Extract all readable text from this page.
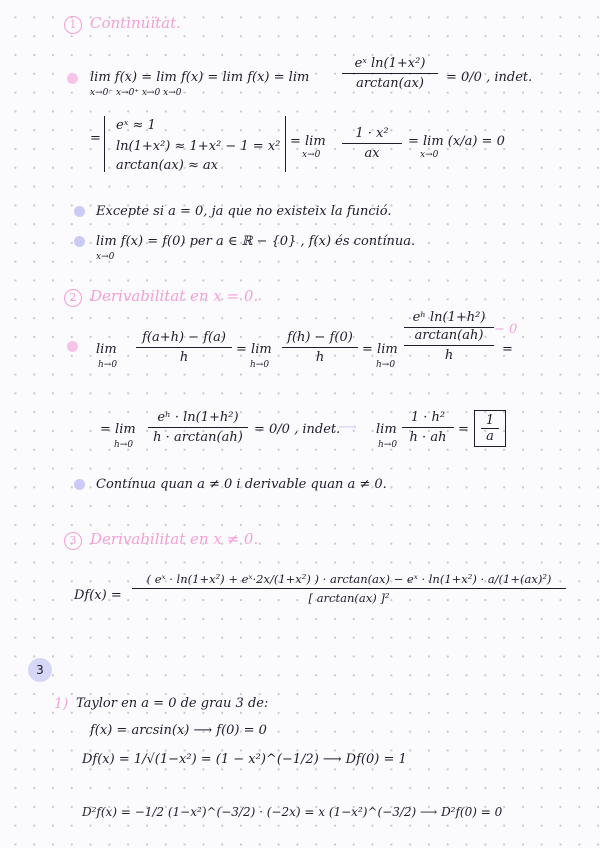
1 Continuïtat.
lim f(x) = lim f(x) = lim f(x) = lim
x→0⁻ x→0⁺ x→0 x→0
$\frac{\text{eˣ ln(1+x²)}}{\arctan(ax)} = 0/0$ , indet.
=
eˣ ≈ 1
ln(1+x²) ≈ 1+x² − 1 = x²
arctan(ax) ≈ ax
= lim
$x\to 0 \frac{\text{1 · x²}}{ax} = \lim (x/a) = 0$
x→0
Excepte si a = 0, ja que no existeix la funció.
lim f(x) = f(0) per a ∈ ℝ − {0} , f(x) és contínua.
x→0
2 Derivabilitat en x = 0.
lim
$h\to 0 \frac{f(a+h) - f(a)}{h} = \lim$
$h\to 0 \frac{f(h) - f(0)}{h} = \lim$
h→0
eʰ ln(1+h²)
arctan(ah)
h
− 0
=
= lim
$h\to 0 \frac{\text{eʰ · ln(1+h²)}}{h \cdot \arctan(ah)} = 0/0$ , indet.
⟶ lim
$h\to 0 \frac{\text{1 · h²}}{h \cdot ah} = \frac{1}{a}$
Contínua quan a ≠ 0 i derivable quan a ≠ 0.
3 Derivabilitat en x ≠ 0.
Df(x) =
( eˣ · ln(1+x²) + eˣ·2x/(1+x²) ) · arctan(ax) − eˣ · ln(1+x²) · a/(1+(ax)²)
[ arctan(ax) ]²
3
1) Taylor en a = 0 de grau 3 de:
f(x) = arcsin(x) ⟶ f(0) = 0
Df(x) = 1/√(1−x²) = (1 − x²)^(−1/2) ⟶ Df(0) = 1
D²f(x) = −1/2 (1−x²)^(−3/2) · (−2x) = x (1−x²)^(−3/2) ⟶ D²f(0) = 0
